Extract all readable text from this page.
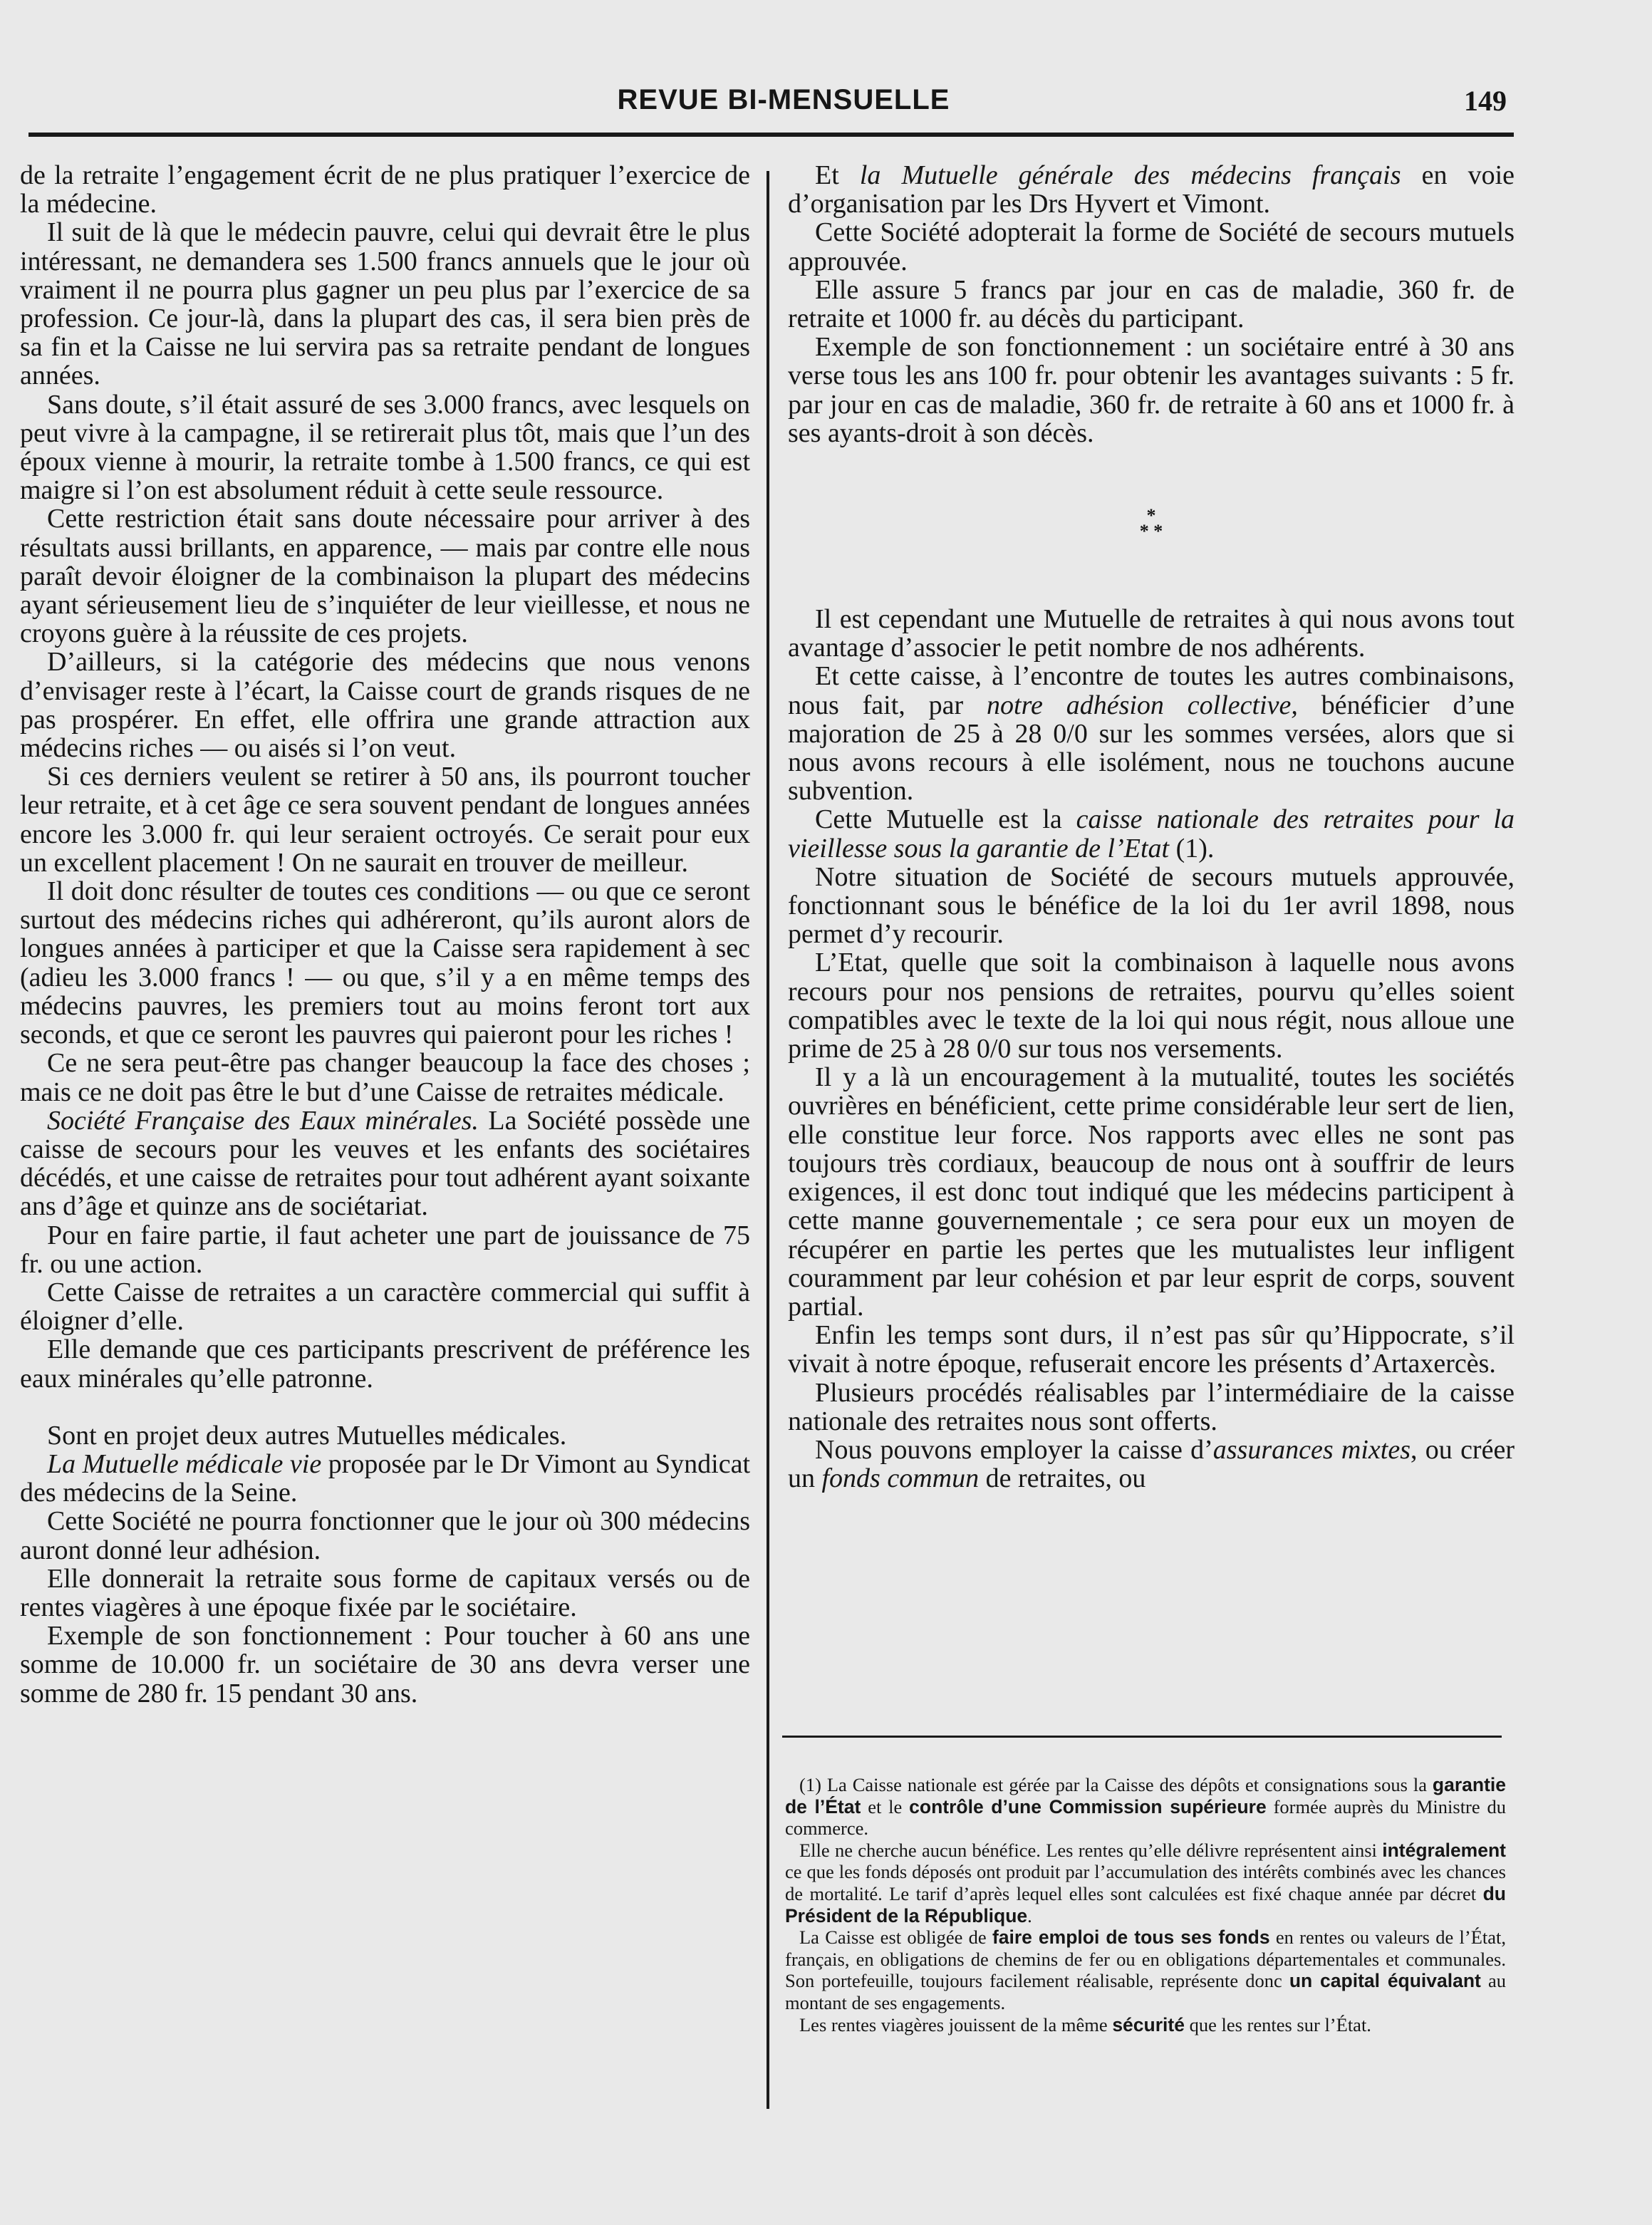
REVUE BI-MENSUELLE	149

de la retraite l’engagement écrit de ne plus pratiquer l’exercice de la médecine.

Il suit de là que le médecin pauvre, celui qui devrait être le plus intéressant, ne demandera ses 1.500 francs annuels que le jour où vraiment il ne pourra plus gagner un peu plus par l’exercice de sa profession. Ce jour-là, dans la plupart des cas, il sera bien près de sa fin et la Caisse ne lui servira pas sa retraite pendant de longues années.

Sans doute, s’il était assuré de ses 3.000 francs, avec lesquels on peut vivre à la campagne, il se retirerait plus tôt, mais que l’un des époux vienne à mourir, la retraite tombe à 1.500 francs, ce qui est maigre si l’on est absolument réduit à cette seule ressource.

Cette restriction était sans doute nécessaire pour arriver à des résultats aussi brillants, en apparence, — mais par contre elle nous paraît devoir éloigner de la combinaison la plupart des médecins ayant sérieusement lieu de s’inquiéter de leur vieillesse, et nous ne croyons guère à la réussite de ces projets.

D’ailleurs, si la catégorie des médecins que nous venons d’envisager reste à l’écart, la Caisse court de grands risques de ne pas prospérer. En effet, elle offrira une grande attraction aux médecins riches — ou aisés si l’on veut.

Si ces derniers veulent se retirer à 50 ans, ils pourront toucher leur retraite, et à cet âge ce sera souvent pendant de longues années encore les 3.000 fr. qui leur seraient octroyés. Ce serait pour eux un excellent placement ! On ne saurait en trouver de meilleur.

Il doit donc résulter de toutes ces conditions — ou que ce seront surtout des médecins riches qui adhéreront, qu’ils auront alors de longues années à participer et que la Caisse sera rapidement à sec (adieu les 3.000 francs ! — ou que, s’il y a en même temps des médecins pauvres, les premiers tout au moins feront tort aux seconds, et que ce seront les pauvres qui paieront pour les riches !

Ce ne sera peut-être pas changer beaucoup la face des choses ; mais ce ne doit pas être le but d’une Caisse de retraites médicale.

Société Française des Eaux minérales. La Société possède une caisse de secours pour les veuves et les enfants des sociétaires décédés, et une caisse de retraites pour tout adhérent ayant soixante ans d’âge et quinze ans de sociétariat.

Pour en faire partie, il faut acheter une part de jouissance de 75 fr. ou une action.

Cette Caisse de retraites a un caractère commercial qui suffit à éloigner d’elle.

Elle demande que ces participants prescrivent de préférence les eaux minérales qu’elle patronne.

Sont en projet deux autres Mutuelles médicales.

La Mutuelle médicale vie proposée par le Dr Vimont au Syndicat des médecins de la Seine.

Cette Société ne pourra fonctionner que le jour où 300 médecins auront donné leur adhésion.

Elle donnerait la retraite sous forme de capitaux versés ou de rentes viagères à une époque fixée par le sociétaire.

Exemple de son fonctionnement : Pour toucher à 60 ans une somme de 10.000 fr. un sociétaire de 30 ans devra verser une somme de 280 fr. 15 pendant 30 ans.

Et la Mutuelle générale des médecins français en voie d’organisation par les Drs Hyvert et Vimont.

Cette Société adopterait la forme de Société de secours mutuels approuvée.

Elle assure 5 francs par jour en cas de maladie, 360 fr. de retraite et 1000 fr. au décès du participant.

Exemple de son fonctionnement : un sociétaire entré à 30 ans verse tous les ans 100 fr. pour obtenir les avantages suivants : 5 fr. par jour en cas de maladie, 360 fr. de retraite à 60 ans et 1000 fr. à ses ayants-droit à son décès.

*
* *

Il est cependant une Mutuelle de retraites à qui nous avons tout avantage d’associer le petit nombre de nos adhérents.

Et cette caisse, à l’encontre de toutes les autres combinaisons, nous fait, par notre adhésion collective, bénéficier d’une majoration de 25 à 28 0/0 sur les sommes versées, alors que si nous avons recours à elle isolément, nous ne touchons aucune subvention.

Cette Mutuelle est la caisse nationale des retraites pour la vieillesse sous la garantie de l’Etat (1).

Notre situation de Société de secours mutuels approuvée, fonctionnant sous le bénéfice de la loi du 1er avril 1898, nous permet d’y recourir.

L’Etat, quelle que soit la combinaison à laquelle nous avons recours pour nos pensions de retraites, pourvu qu’elles soient compatibles avec le texte de la loi qui nous régit, nous alloue une prime de 25 à 28 0/0 sur tous nos versements.

Il y a là un encouragement à la mutualité, toutes les sociétés ouvrières en bénéficient, cette prime considérable leur sert de lien, elle constitue leur force. Nos rapports avec elles ne sont pas toujours très cordiaux, beaucoup de nous ont à souffrir de leurs exigences, il est donc tout indiqué que les médecins participent à cette manne gouvernementale ; ce sera pour eux un moyen de récupérer en partie les pertes que les mutualistes leur infligent couramment par leur cohésion et par leur esprit de corps, souvent partial.

Enfin les temps sont durs, il n’est pas sûr qu’Hippocrate, s’il vivait à notre époque, refuserait encore les présents d’Artaxercès.

Plusieurs procédés réalisables par l’intermédiaire de la caisse nationale des retraites nous sont offerts.

Nous pouvons employer la caisse d’assurances mixtes, ou créer un fonds commun de retraites, ou

(1) La Caisse nationale est gérée par la Caisse des dépôts et consignations sous la garantie de l’État et le contrôle d’une Commission supérieure formée auprès du Ministre du commerce.

Elle ne cherche aucun bénéfice. Les rentes qu’elle délivre représentent ainsi intégralement ce que les fonds déposés ont produit par l’accumulation des intérêts combinés avec les chances de mortalité. Le tarif d’après lequel elles sont calculées est fixé chaque année par décret du Président de la République.

La Caisse est obligée de faire emploi de tous ses fonds en rentes ou valeurs de l’État, français, en obligations de chemins de fer ou en obligations départementales et communales. Son portefeuille, toujours facilement réalisable, représente donc un capital équivalant au montant de ses engagements.

Les rentes viagères jouissent de la même sécurité que les rentes sur l’État.
